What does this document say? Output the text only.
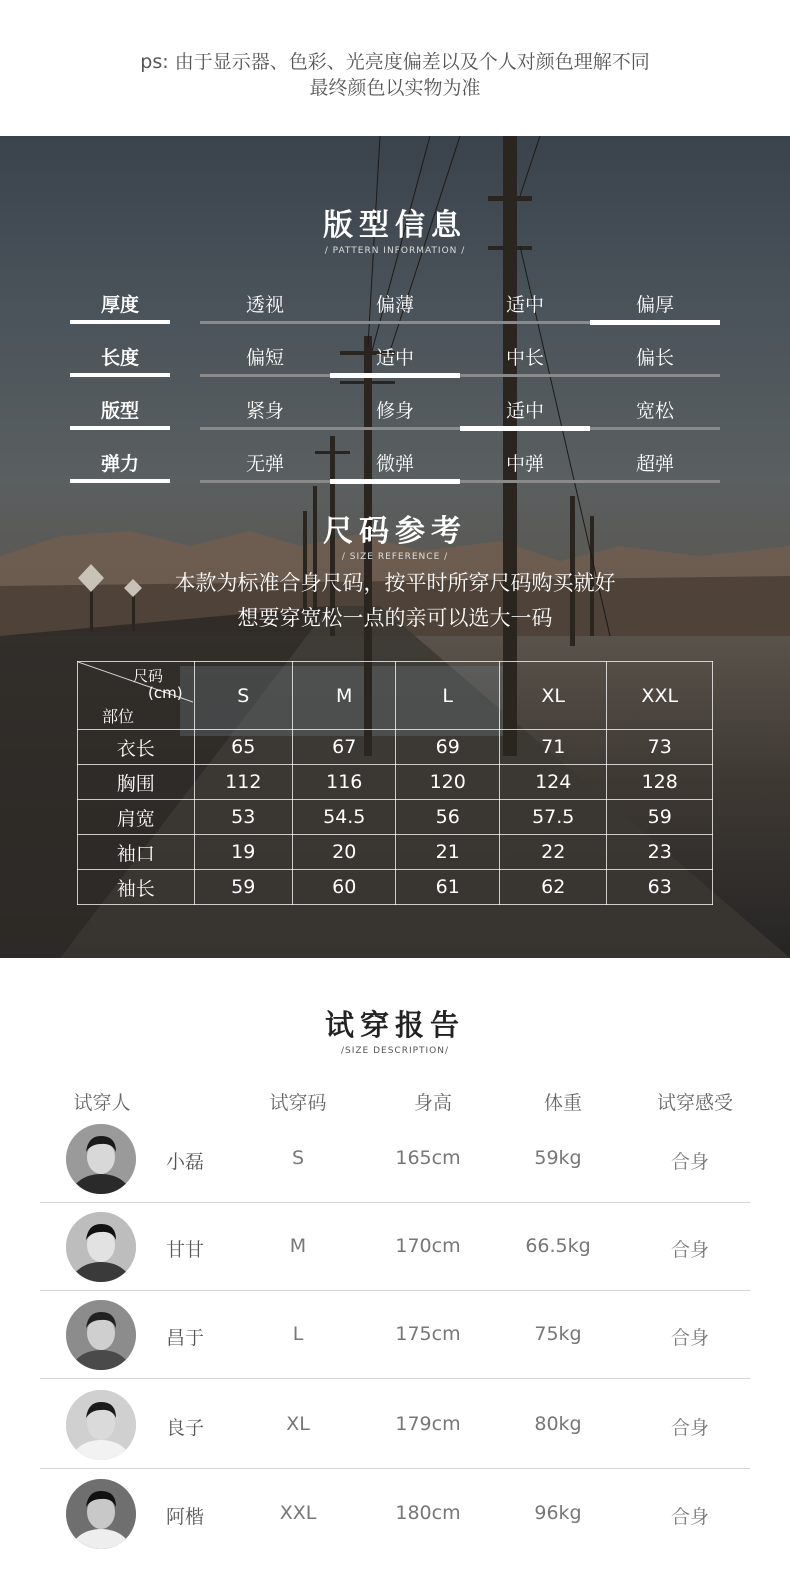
ps: 由于显示器、色彩、光亮度偏差以及个人对颜色理解不同
最终颜色以实物为准
版型信息
/ PATTERN INFORMATION /
厚度	透视	偏薄	适中	偏厚
长度	偏短	适中	中长	偏长
版型	紧身	修身	适中	宽松
弹力	无弹	微弹	中弹	超弹
尺码参考
/ SIZE REFERENCE /
本款为标准合身尺码，按平时所穿尺码购买就好
想要穿宽松一点的亲可以选大一码
尺码
(cm)
部位	S	M	L	XL	XXL
衣长	65	67	69	71	73
胸围	112	116	120	124	128
肩宽	53	54.5	56	57.5	59
袖口	19	20	21	22	23
袖长	59	60	61	62	63
试穿报告
/SIZE DESCRIPTION/
试穿人	试穿码	身高	体重	试穿感受
小磊	S	165cm	59kg	合身
甘甘	M	170cm	66.5kg	合身
昌于	L	175cm	75kg	合身
良子	XL	179cm	80kg	合身
阿楷	XXL	180cm	96kg	合身
